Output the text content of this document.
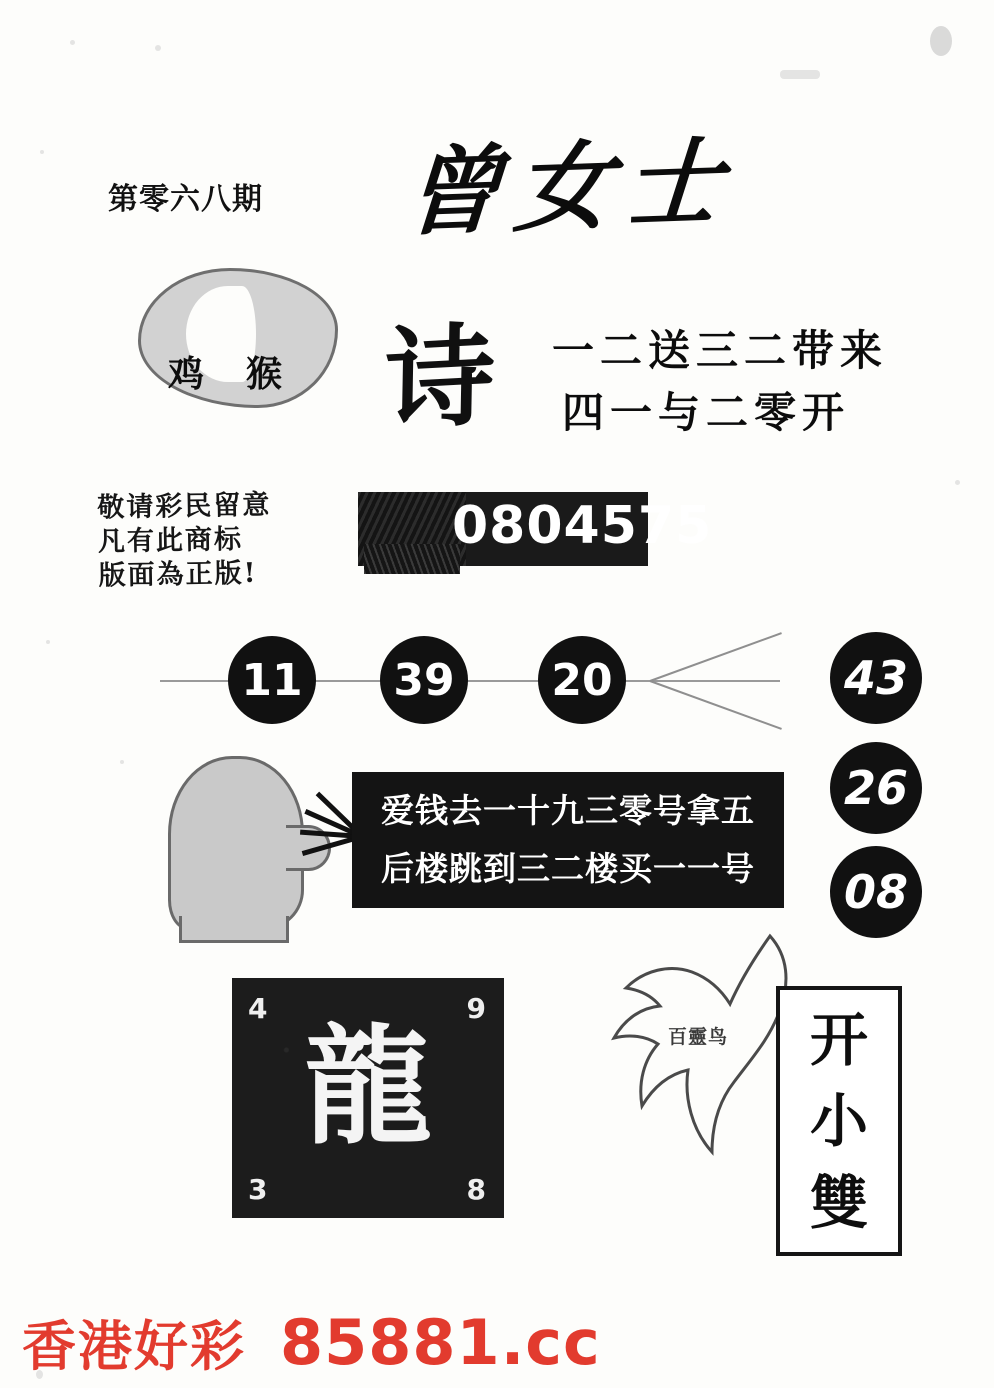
第零六八期 曾女士
鸡 猴 诗 一二送三二带来
四一与二零开
敬请彩民留意
凡有此商标
版面為正版!
0804575
11	39	20	43
26
08
爱钱去一十九三零号拿五
后楼跳到三二楼买一一号
4	9
龍
3	8
百靈鸟 开
小
雙
香港好彩 85881.cc
